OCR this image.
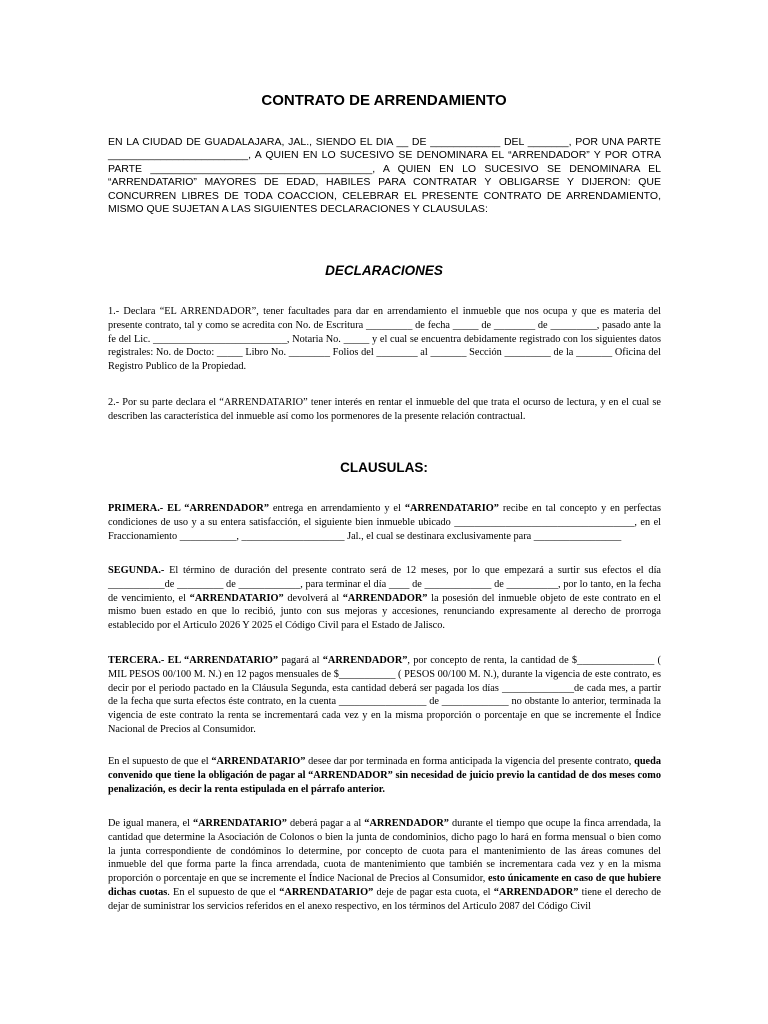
CONTRATO DE ARRENDAMIENTO

EN LA CIUDAD DE GUADALAJARA, JAL., SIENDO EL DIA __ DE ____________ DEL _______, POR UNA PARTE ________________________, A QUIEN EN LO SUCESIVO SE DENOMINARA EL “ARRENDADOR” Y POR OTRA PARTE ______________________________________, A QUIEN EN LO SUCESIVO SE DENOMINARA EL “ARRENDATARIO” MAYORES DE EDAD, HABILES PARA CONTRATAR Y OBLIGARSE Y DIJERON: QUE CONCURREN LIBRES DE TODA COACCION, CELEBRAR EL PRESENTE CONTRATO DE ARRENDAMIENTO, MISMO QUE SUJETAN A LAS SIGUIENTES DECLARACIONES Y CLAUSULAS:

DECLARACIONES

1.- Declara “EL ARRENDADOR”, tener facultades para dar en arrendamiento el inmueble que nos ocupa y que es materia del presente contrato, tal y como se acredita con No. de Escritura _________ de fecha _____ de ________ de _________, pasado ante la fe del Lic. __________________________, Notaria No. _____ y el cual se encuentra debidamente registrado con los siguientes datos registrales: No. de Docto: _____ Libro No. ________ Folios del ________ al _______ Sección _________ de la _______ Oficina del Registro Publico de la Propiedad.

2.- Por su parte declara el “ARRENDATARIO” tener interés en rentar el inmueble del que trata el ocurso de lectura, y en el cual se describen las característica del inmueble así como los pormenores de la presente relación contractual.

CLAUSULAS:

PRIMERA.- EL “ARRENDADOR” entrega en arrendamiento y el “ARRENDATARIO” recibe en tal concepto y en perfectas condiciones de uso y a su entera satisfacción, el siguiente bien inmueble ubicado ___________________________________, en el Fraccionamiento ___________, ____________________ Jal., el cual se destinara exclusivamente para _________________

SEGUNDA.- El término de duración del presente contrato será de 12 meses, por lo que empezará a surtir sus efectos el día ___________de _________ de ____________, para terminar el día ____ de _____________ de __________, por lo tanto, en la fecha de vencimiento, el “ARRENDATARIO” devolverá al “ARRENDADOR” la posesión del inmueble objeto de este contrato en el mismo buen estado en que lo recibió, junto con sus mejoras y accesiones, renunciando expresamente al derecho de prorroga establecido por el Articulo 2026 Y 2025 el Código Civil para el Estado de Jalisco.

TERCERA.- EL “ARRENDATARIO” pagará al “ARRENDADOR”, por concepto de renta, la cantidad de $_______________ ( MIL PESOS 00/100 M. N.) en 12 pagos mensuales de $___________ ( PESOS 00/100 M. N.), durante la vigencia de este contrato, es decir por el periodo pactado en la Cláusula Segunda, esta cantidad deberá ser pagada los días ______________de cada mes, a partir de la fecha que surta efectos éste contrato, en la cuenta _________________ de _____________ no obstante lo anterior, terminada la vigencia de este contrato la renta se incrementará cada vez y en la misma proporción o porcentaje en que se incremente el Índice Nacional de Precios al Consumidor.

En el supuesto de que el “ARRENDATARIO” desee dar por terminada en forma anticipada la vigencia del presente contrato, queda convenido que tiene la obligación de pagar al “ARRENDADOR” sin necesidad de juicio previo la cantidad de dos meses como penalización, es decir la renta estipulada en el párrafo anterior.

De igual manera, el “ARRENDATARIO” deberá pagar a al “ARRENDADOR” durante el tiempo que ocupe la finca arrendada, la cantidad que determine la Asociación de Colonos o bien la junta de condominios, dicho pago lo hará en forma mensual o bien como la junta correspondiente de condóminos lo determine, por concepto de cuota para el mantenimiento de las áreas comunes del inmueble del que forma parte la finca arrendada, cuota de mantenimiento que también se incrementara cada vez y en la misma proporción o porcentaje en que se incremente el Índice Nacional de Precios al Consumidor, esto únicamente en caso de que hubiere dichas cuotas. En el supuesto de que el “ARRENDATARIO” deje de pagar esta cuota, el “ARRENDADOR” tiene el derecho de dejar de suministrar los servicios referidos en el anexo respectivo, en los términos del Articulo 2087 del Código Civil
